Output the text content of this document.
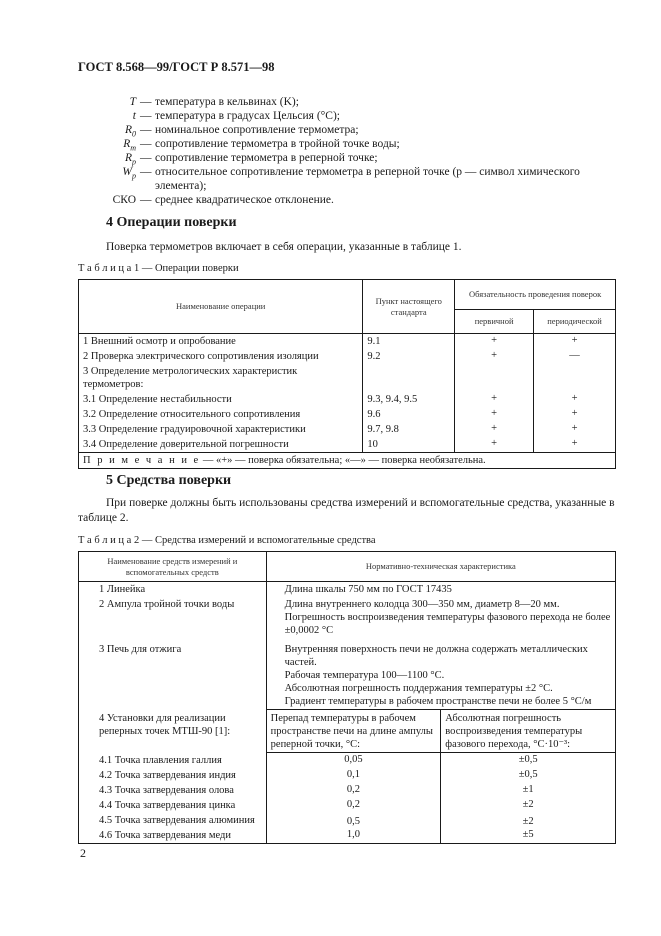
ГОСТ 8.568—99/ГОСТ Р 8.571—98
T — температура в кельвинах (K);
t — температура в градусах Цельсия (°C);
$R_0$ — номинальное сопротивление термометра;
$R_т$ — сопротивление термометра в тройной точке воды;
$R_р$ — сопротивление термометра в реперной точке;
$W_р$ — относительное сопротивление термометра в реперной точке (р — символ химического
элемента);
СКО — среднее квадратическое отклонение.
4 Операции поверки
Поверка термометров включает в себя операции, указанные в таблице 1.
Т а б л и ц а 1 — Операции поверки
Наименование операции	Пункт настоящего стандарта	Обязательность проведения поверок	
		первичной	периодической
1 Внешний осмотр и опробование	9.1	+	+
2 Проверка электрического сопротивления изоляции	9.2	+	—
3 Определение метрологических характеристик термометров:			
3.1 Определение нестабильности	9.3, 9.4, 9.5	+	+
3.2 Определение относительного сопротивления	9.6	+	+
3.3 Определение градуировочной характеристики	9.7, 9.8	+	+
3.4 Определение доверительной погрешности	10	+	+
П р и м е ч а н и е — «+» — поверка обязательна; «—» — поверка необязательна.			
5 Средства поверки
При поверке должны быть использованы средства измерений и вспомогательные средства, указанные в таблице 2.
Т а б л и ц а 2 — Средства измерений и вспомогательные средства
Наименование средств измерений и вспомогательных средств	Нормативно-техническая характеристика	
1 Линейка	Длина шкалы 750 мм по ГОСТ 17435	

2 Ампула тройной точки воды	Длина внутреннего колодца 300—350 мм, диаметр 8—20 мм.
Погрешность воспроизведения температуры фазового перехода не более ±0,0002 °C	

3 Печь для отжига	Внутренняя поверхность печи не должна содержать металлических частей.
Рабочая температура 100—1100 °C.
Абсолютная погрешность поддержания температуры ±2 °C.
Градиент температуры в рабочем пространстве печи не более 5 °C/м	

4 Установки для реализации реперных точек МТШ-90 [1]:	Перепад температуры в рабочем пространстве печи на длине ампулы реперной точки, °C:	Абсолютная погрешность воспроизведения температуры фазового перехода, °C·10⁻³:
4.1 Точка плавления галлия	0,05	±0,5
4.2 Точка затвердевания индия	0,1	±0,5
4.3 Точка затвердевания олова	0,2	±1
4.4 Точка затвердевания цинка	0,2	±2
4.5 Точка затвердевания алюминия	0,5	±2
4.6 Точка затвердевания меди	1,0	±5
2
